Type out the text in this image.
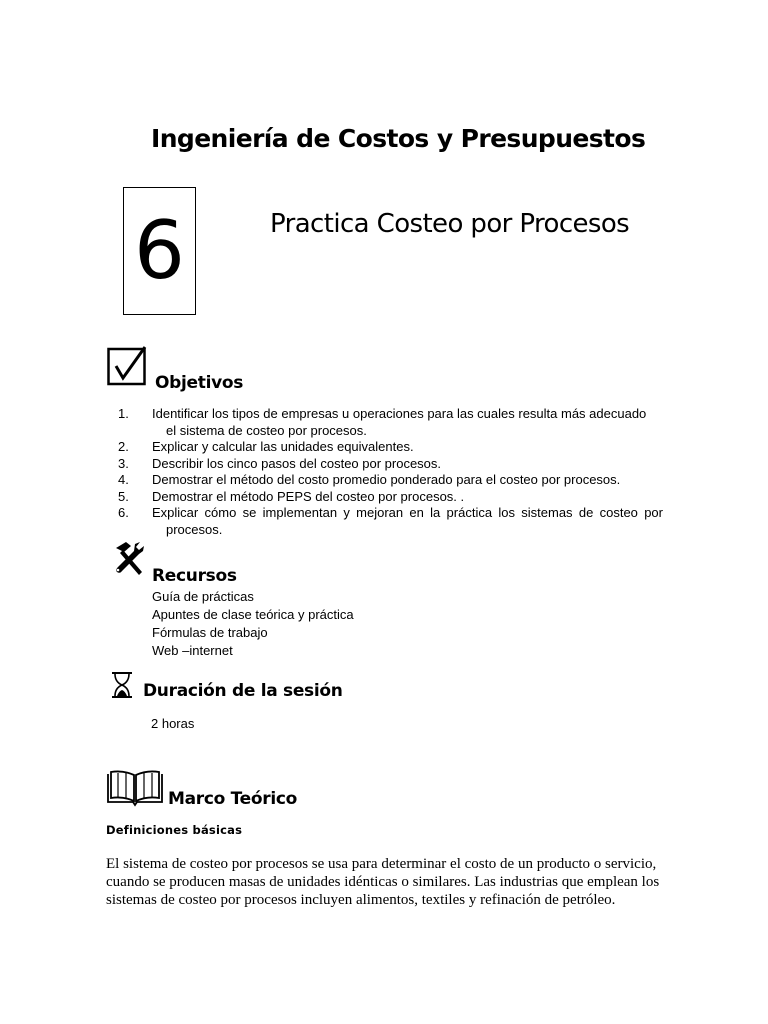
Ingeniería de Costos y Presupuestos
6	Practica Costeo por Procesos
Objetivos
1.	Identificar los tipos de empresas u operaciones para las cuales resulta más adecuado
el sistema de costeo por procesos.
2.	Explicar y calcular las unidades equivalentes.
3.	Describir los cinco pasos del costeo por procesos.
4.	Demostrar el método del costo promedio ponderado para el costeo por procesos.
5.	Demostrar el método PEPS del costeo por procesos. .
6.	Explicar cómo se implementan y mejoran en la práctica los sistemas de costeo por
procesos.
Recursos
Guía de prácticas
Apuntes de clase teórica y práctica
Fórmulas de trabajo
Web –internet
Duración de la sesión
2 horas
Marco Teórico
Definiciones básicas
El sistema de costeo por procesos se usa para determinar el costo de un producto o servicio, cuando se producen masas de unidades idénticas o similares. Las industrias que emplean los sistemas de costeo por procesos incluyen alimentos, textiles y refinación de petróleo.
